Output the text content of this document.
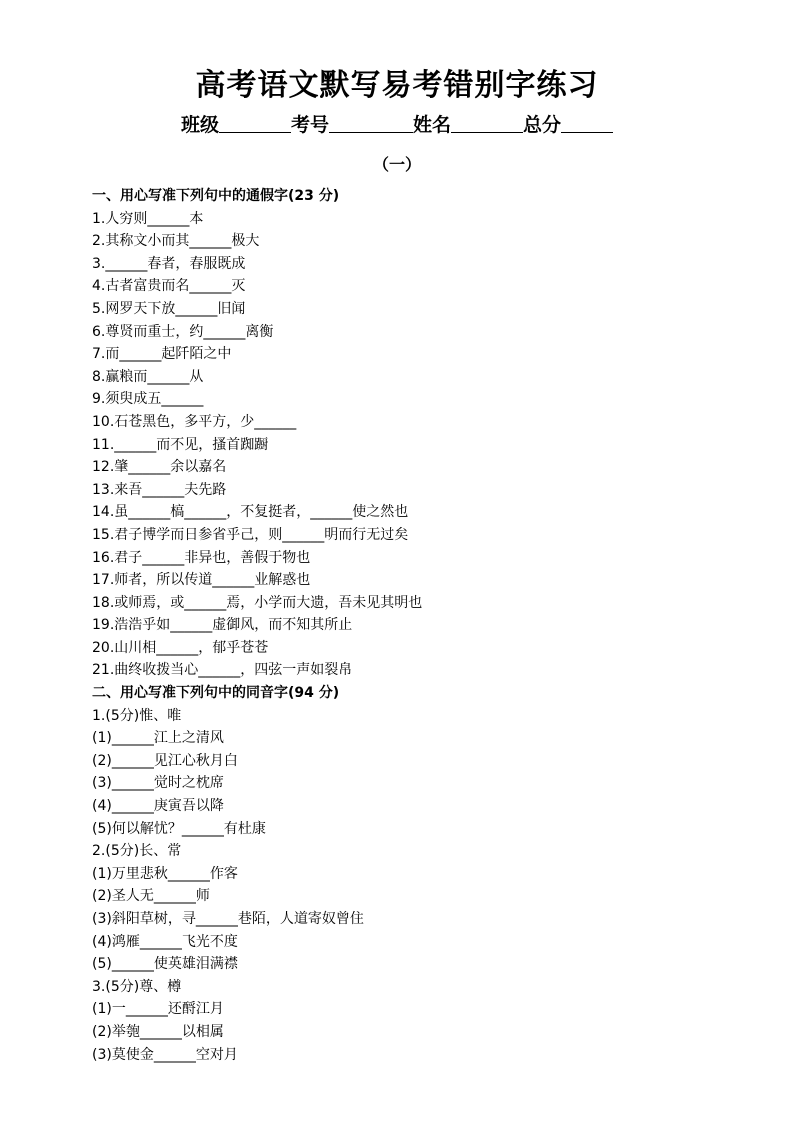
高考语文默写易考错别字练习
班级	考号	姓名	总分
（一）
一、用心写准下列句中的通假字(23 分)
1.人穷则______本
2.其称文小而其______极大
3.______春者，春服既成
4.古者富贵而名______灭
5.网罗天下放______旧闻
6.尊贤而重士，约______离衡
7.而______起阡陌之中
8.赢粮而______从
9.须臾成五______
10.石苍黑色，多平方，少______
11.______而不见，搔首踟蹰
12.肇______余以嘉名
13.来吾______夫先路
14.虽______槁______，不复挺者，______使之然也
15.君子博学而日参省乎己，则______明而行无过矣
16.君子______非异也，善假于物也
17.师者，所以传道______业解惑也
18.或师焉，或______焉，小学而大遗，吾未见其明也
19.浩浩乎如______虚御风，而不知其所止
20.山川相______，郁乎苍苍
21.曲终收拨当心______，四弦一声如裂帛
二、用心写准下列句中的同音字(94 分)
1.(5分)惟、唯
(1)______江上之清风
(2)______见江心秋月白
(3)______觉时之枕席
(4)______庚寅吾以降
(5)何以解忧？______有杜康
2.(5分)长、常
(1)万里悲秋______作客
(2)圣人无______师
(3)斜阳草树，寻______巷陌，人道寄奴曾住
(4)鸿雁______飞光不度
(5)______使英雄泪满襟
3.(5分)尊、樽
(1)一______还酹江月
(2)举匏______以相属
(3)莫使金______空对月
